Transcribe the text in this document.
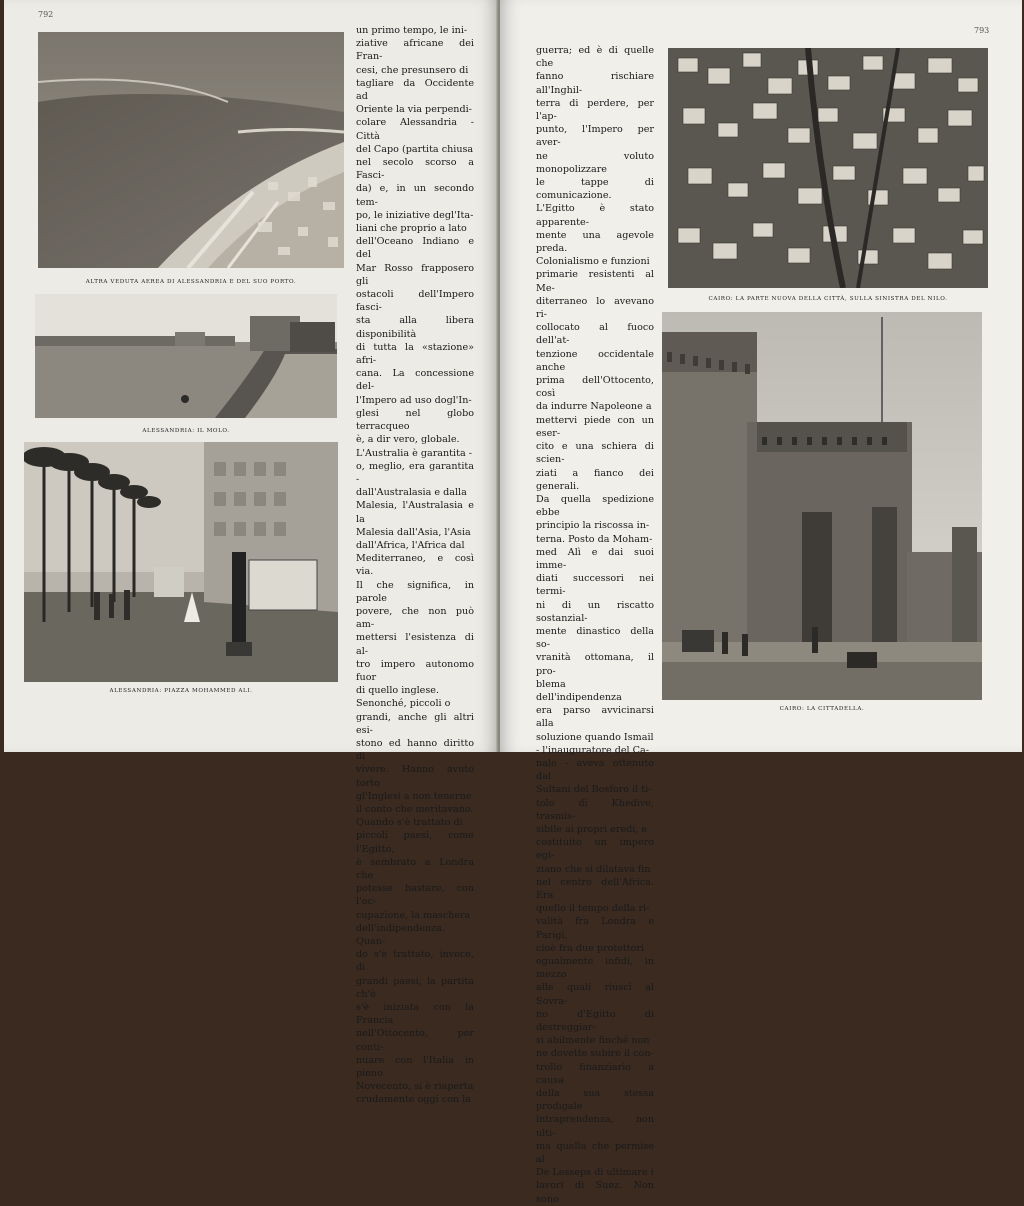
792
ALTRA VEDUTA AEREA DI ALESSANDRIA E DEL SUO PORTO.
ALESSANDRIA: IL MOLO.
ALESSANDRIA: PIAZZA MOHAMMED ALI.

un primo tempo, le ini-
ziative africane dei Fran-
cesi, che presunsero di
tagliare da Occidente ad
Oriente la via perpendi-
colare Alessandria - Città
del Capo (partita chiusa
nel secolo scorso a Fasci-
da) e, in un secondo tem-
po, le iniziative degl'Ita-
liani che proprio a lato
dell'Oceano Indiano e del
Mar Rosso frapposero gli
ostacoli dell'Impero fasci-
sta alla libera disponibilità
di tutta la «stazione» afri-
cana. La concessione del-
l'Impero ad uso dogl'In-
glesi nel globo terracqueo
è, a dir vero, globale.
L'Australia è garantita -
o, meglio, era garantita -
dall'Australasia e dalla
Malesia, l'Australasia e la
Malesia dall'Asia, l'Asia
dall'Africa, l'Africa dal
Mediterraneo, e così via.
Il che significa, in parole
povere, che non può am-
mettersi l'esistenza di al-
tro impero autonomo fuor
di quello inglese.
Senonché, piccoli o
grandi, anche gli altri esi-
stono ed hanno diritto di
vivere. Hanno avuto torto
gl'Inglesi a non tenerne
il conto che meritavano.
Quando s'è trattato di
piccoli paesi, come l'Egitto,
è sembrato a Londra che
potesse bastare, con l'oc-
cupazione, la maschera
dell'indipendenza. Quan-
do s'è trattato, invece, di
grandi paesi, la partita ch'è
s'è iniziata con la Francia
nell'Ottocento, per conti-
nuare con l'Italia in pieno
Novecento, si è riaperta
crudamente oggi con la

793

guerra; ed è di quelle che
fanno rischiare all'Inghil-
terra di perdere, per l'ap-
punto, l'Impero per aver-
ne voluto monopolizzare
le tappe di comunicazione.
L'Egitto è stato apparente-
mente una agevole preda.
Colonialismo e funzioni
primarie resistenti al Me-
diterraneo lo avevano ri-
collocato al fuoco dell'at-
tenzione occidentale anche
prima dell'Ottocento, così
da indurre Napoleone a
mettervi piede con un eser-
cito e una schiera di scien-
ziati a fianco dei generali.
Da quella spedizione ebbe
principio la riscossa in-
terna. Posto da Moham-
med Alì e dai suoi imme-
diati successori nei termi-
ni di un riscatto sostanzial-
mente dinastico della so-
vranità ottomana, il pro-
blema dell'indipendenza
era parso avvicinarsi alla
soluzione quando Ismail
- l'inauguratore del Ca-
nale - aveva ottenuto dal
Sultani del Bosforo il ti-
tolo di Khedive, trasmis-
sibile ai propri eredi, e
costituito un impero egi-
ziano che si dilatava fin
nel centro dell'Africa. Era
quello il tempo della ri-
valità fra Londra e Parigi,
cioè fra due protettori
egualmente infidi, in mezzo
alle quali riuscì al Sovra-
no d'Egitto di destreggiar-
si abilmente finché non
ne dovette subire il con-
trollo finanziario a causa
della sua stessa prodigale
intraprendenza, non ulti-
ma quella che permise al
De Lesseps di ultimare i
lavori di Suez. Non sono

CAIRO: LA PARTE NUOVA DELLA CITTÀ, SULLA SINISTRA DEL NILO.
CAIRO: LA CITTADELLA.
